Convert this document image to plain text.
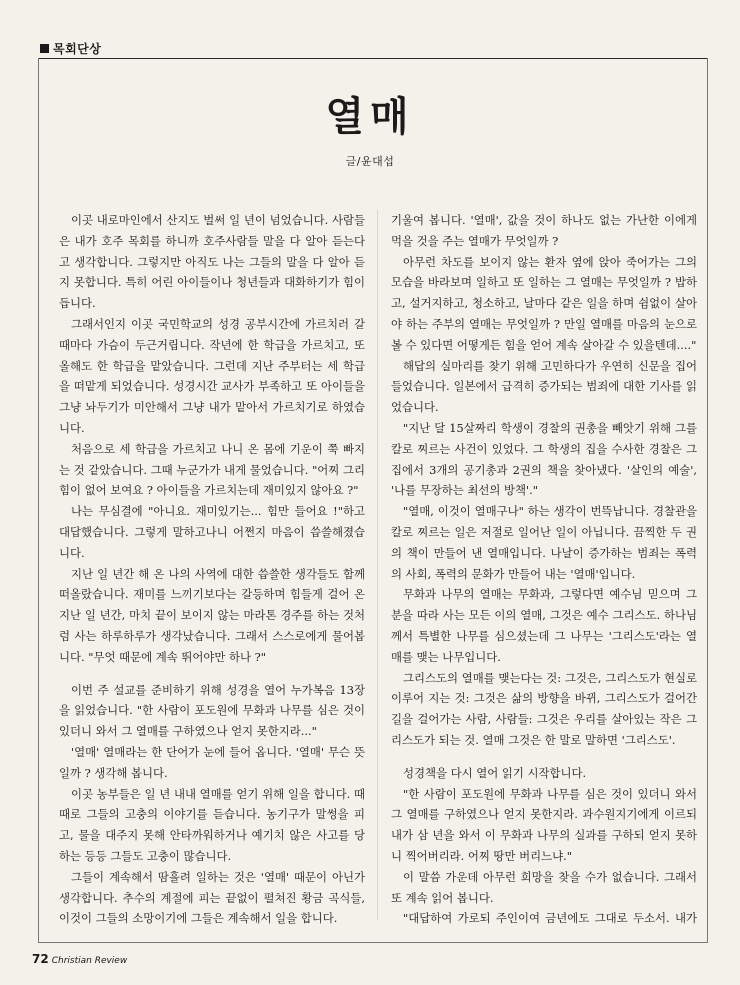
목회단상
열매
글/윤대섭

이곳 내로마인에서 산지도 벌써 일 년이 넘었습니다. 사람들은 내가 호주 목회를 하니까 호주사람들 말을 다 알아 듣는다고 생각합니다. 그렇지만 아직도 나는 그들의 말을 다 알아 듣지 못합니다. 특히 어린 아이들이나 청년들과 대화하기가 힘이 듭니다.

그래서인지 이곳 국민학교의 성경 공부시간에 가르치러 갈 때마다 가슴이 두근거립니다. 작년에 한 학급을 가르치고, 또 올해도 한 학급을 맡았습니다. 그런데 지난 주부터는 세 학급을 떠맡게 되었습니다. 성경시간 교사가 부족하고 또 아이들을 그냥 놔두기가 미안해서 그냥 내가 맡아서 가르치기로 하였습니다.

처음으로 세 학급을 가르치고 나니 온 몸에 기운이 쭉 빠지는 것 같았습니다. 그때 누군가가 내게 물었습니다. "어찌 그리 힘이 없어 보여요 ? 아이들을 가르치는데 재미있지 않아요 ?"

나는 무심결에 "아니요. 재미있기는... 힘만 들어요 !"하고 대답했습니다. 그렇게 말하고나니 어쩐지 마음이 씁쓸해졌습니다.

지난 일 년간 해 온 나의 사역에 대한 씁쓸한 생각들도 함께 떠올랐습니다. 재미를 느끼기보다는 갈등하며 힘들게 걸어 온 지난 일 년간, 마치 끝이 보이지 않는 마라톤 경주를 하는 것처럼 사는 하루하루가 생각났습니다. 그래서 스스로에게 물어봅니다. "무엇 때문에 계속 뛰어야만 하나 ?"

이번 주 설교를 준비하기 위해 성경을 열어 누가복음 13장을 읽었습니다. "한 사람이 포도원에 무화과 나무를 심은 것이 있더니 와서 그 열매를 구하였으나 얻지 못한지라..."

'열매' 열매라는 한 단어가 눈에 들어 옵니다. '열매' 무슨 뜻일까 ? 생각해 봅니다.

이곳 농부들은 일 년 내내 열매를 얻기 위해 일을 합니다. 때때로 그들의 고충의 이야기를 듣습니다. 농기구가 말썽을 피고, 물을 대주지 못해 안타까워하거나 예기치 않은 사고를 당하는 등등 그들도 고충이 많습니다.

그들이 계속해서 땀흘려 일하는 것은 '열매' 때문이 아닌가 생각합니다. 추수의 계절에 피는 끝없이 펼쳐진 황금 곡식들, 이것이 그들의 소망이기에 그들은 계속해서 일을 합니다.

기울여 봅니다. '열매', 값을 것이 하나도 없는 가난한 이에게 먹을 것을 주는 열매가 무엇일까 ?

아무런 차도를 보이지 않는 환자 옆에 앉아 죽어가는 그의 모습을 바라보며 일하고 또 일하는 그 열매는 무엇일까 ? 밥하고, 설거지하고, 청소하고, 날마다 같은 일을 하며 쉼없이 살아야 하는 주부의 열매는 무엇일까 ? 만일 열매를 마음의 눈으로 볼 수 있다면 어떻게든 힘을 얻어 계속 살아갈 수 있을텐데...."

해답의 실마리를 찾기 위해 고민하다가 우연히 신문을 집어 들었습니다. 일본에서 급격히 증가되는 범죄에 대한 기사를 읽었습니다.

"지난 달 15살짜리 학생이 경찰의 권총을 빼앗기 위해 그를 칼로 찌르는 사건이 있었다. 그 학생의 집을 수사한 경찰은 그 집에서 3개의 공기총과 2권의 책을 찾아냈다. '살인의 예술', '나를 무장하는 최선의 방책'."

"열매, 이것이 열매구나" 하는 생각이 번뜩납니다. 경찰관을 칼로 찌르는 일은 저절로 일어난 일이 아닙니다. 끔찍한 두 권의 책이 만들어 낸 열매입니다. 나날이 증가하는 범죄는 폭력의 사회, 폭력의 문화가 만들어 내는 '열매'입니다.

무화과 나무의 열매는 무화과, 그렇다면 예수님 믿으며 그 분을 따라 사는 모든 이의 열매, 그것은 예수 그리스도. 하나님께서 특별한 나무를 심으셨는데 그 나무는 '그리스도'라는 열매를 맺는 나무입니다.

그리스도의 열매를 맺는다는 것: 그것은, 그리스도가 현실로 이루어 지는 것: 그것은 삶의 방향을 바뀌, 그리스도가 걸어간 길을 걸어가는 사람, 사람들: 그것은 우리를 살아있는 작은 그리스도가 되는 것. 열매 그것은 한 말로 말하면 '그리스도'.

성경책을 다시 열어 읽기 시작합니다.

"한 사람이 포도원에 무화과 나무를 심은 것이 있더니 와서 그 열매를 구하였으나 얻지 못한지라. 과수원지기에게 이르되 내가 삼 년을 와서 이 무화과 나무의 실과를 구하되 얻지 못하니 찍어버리라. 어찌 땅만 버리느냐."

이 말씀 가운데 아무런 희망을 찾을 수가 없습니다. 그래서 또 계속 읽어 봅니다.

"대답하여 가로되 주인이여 금년에도 그대로 두소서. 내가

72 Christian Review
